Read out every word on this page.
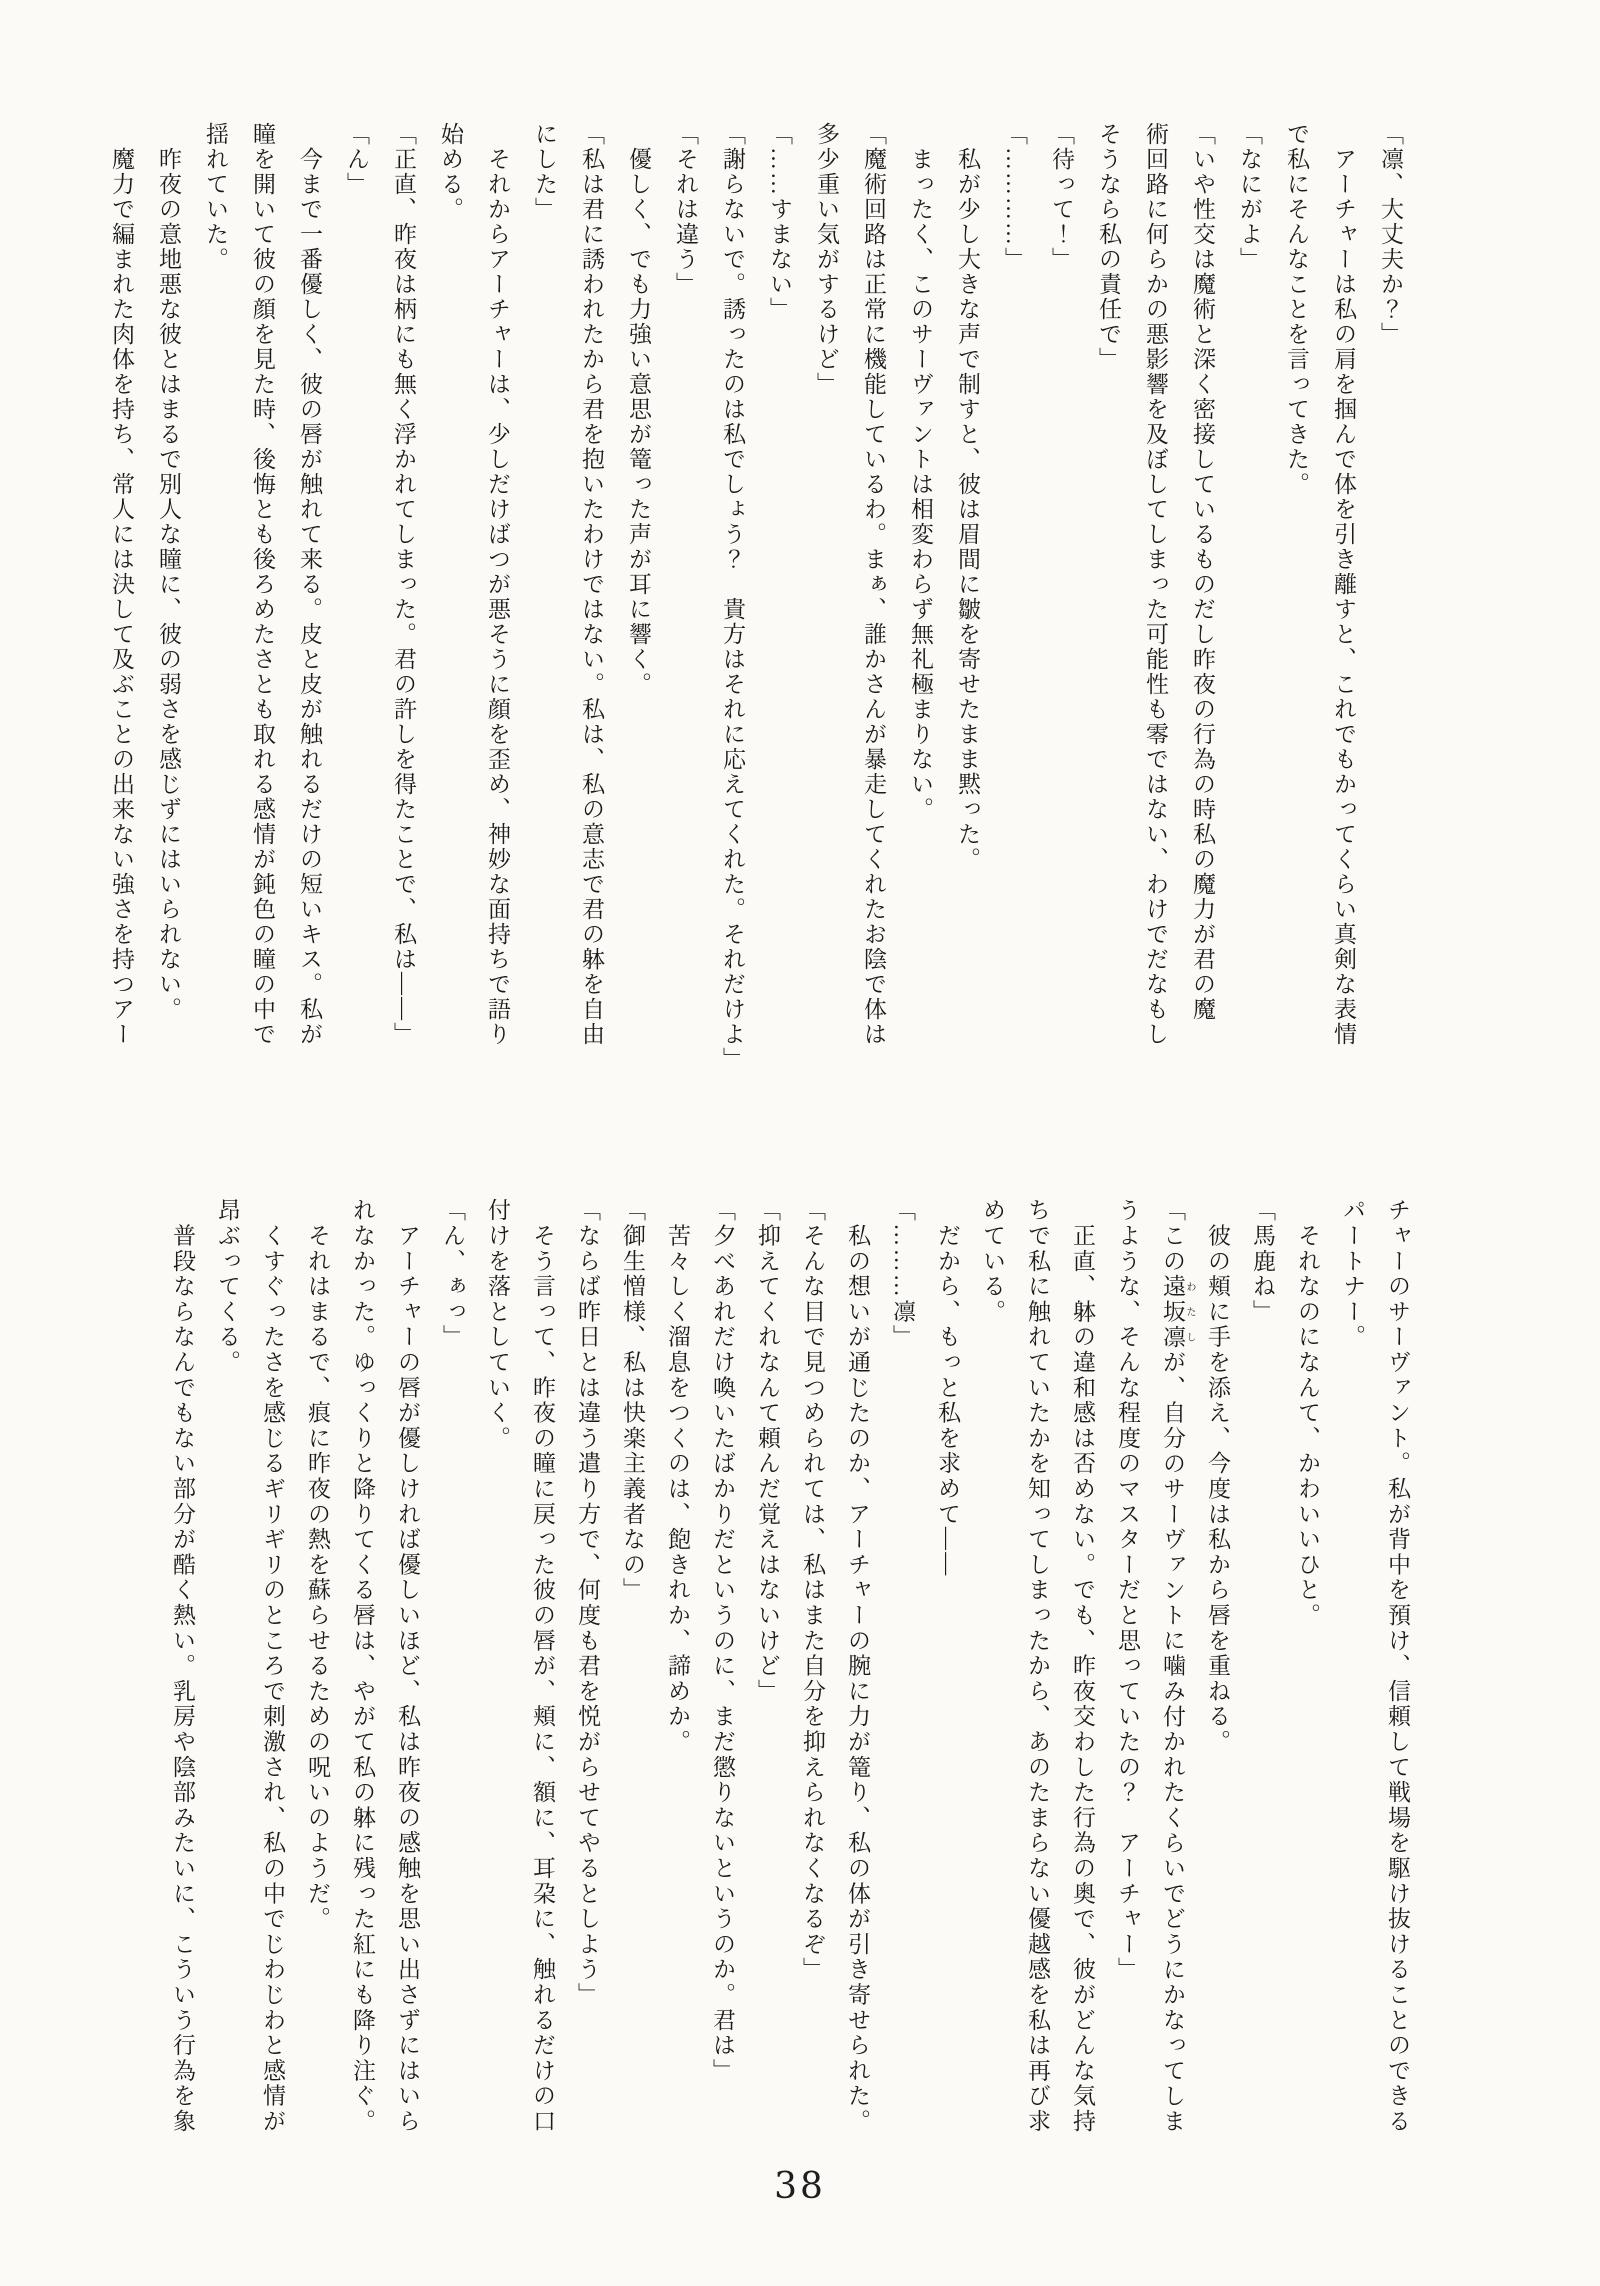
「凛、大丈夫か？」

　アーチャーは私の肩を掴んで体を引き離すと、これでもかってくらい真剣な表情

で私にそんなことを言ってきた。

「なにがよ」

「いや性交は魔術と深く密接しているものだし昨夜の行為の時私の魔力が君の魔

術回路に何らかの悪影響を及ぼしてしまった可能性も零ではない、わけでだなもし

そうなら私の責任で」

「待って！」

「…………」

　私が少し大きな声で制すと、彼は眉間に皺を寄せたまま黙った。

　まったく、このサーヴァントは相変わらず無礼極まりない。

「魔術回路は正常に機能しているわ。まぁ、誰かさんが暴走してくれたお陰で体は

多少重い気がするけど」

「……すまない」

「謝らないで。誘ったのは私でしょう？　貴方はそれに応えてくれた。それだけよ」

「それは違う」

　優しく、でも力強い意思が篭った声が耳に響く。

「私は君に誘われたから君を抱いたわけではない。私は、私の意志で君の躰を自由

にした」

　それからアーチャーは、少しだけばつが悪そうに顔を歪め、神妙な面持ちで語り

始める。

「正直、昨夜は柄にも無く浮かれてしまった。君の許しを得たことで、私は――」

「ん」

　今まで一番優しく、彼の唇が触れて来る。皮と皮が触れるだけの短いキス。私が

瞳を開いて彼の顔を見た時、後悔とも後ろめたさとも取れる感情が鈍色の瞳の中で

揺れていた。

　昨夜の意地悪な彼とはまるで別人な瞳に、彼の弱さを感じずにはいられない。

　魔力で編まれた肉体を持ち、常人には決して及ぶことの出来ない強さを持つアー

チャーのサーヴァント。私が背中を預け、信頼して戦場を駆け抜けることのできる

パートナー。

　それなのになんて、かわいいひと。

「馬鹿ね」

　彼の頬に手を添え、今度は私から唇を重ねる。

「この遠坂凛 わたしが、自分のサーヴァントに噛み付かれたくらいでどうにかなってしま

うような、そんな程度のマスターだと思っていたの？　アーチャー」

　正直、躰の違和感は否めない。でも、昨夜交わした行為の奥で、彼がどんな気持

ちで私に触れていたかを知ってしまったから、あのたまらない優越感を私は再び求

めている。

　だから、もっと私を求めて――

「………凛」

　私の想いが通じたのか、アーチャーの腕に力が篭り、私の体が引き寄せられた。

「そんな目で見つめられては、私はまた自分を抑えられなくなるぞ」

「抑えてくれなんて頼んだ覚えはないけど」

「夕べあれだけ喚いたばかりだというのに、まだ懲りないというのか。君は」

　苦々しく溜息をつくのは、飽きれか、諦めか。

「御生憎様、私は快楽主義者なの」

「ならば昨日とは違う遣り方で、何度も君を悦がらせてやるとしよう」

　そう言って、昨夜の瞳に戻った彼の唇が、頬に、額に、耳朶に、触れるだけの口

付けを落としていく。

「ん、ぁっ」

　アーチャーの唇が優しければ優しいほど、私は昨夜の感触を思い出さずにはいら

れなかった。ゆっくりと降りてくる唇は、やがて私の躰に残った紅にも降り注ぐ。

　それはまるで、痕に昨夜の熱を蘇らせるための呪いのようだ。

　くすぐったさを感じるギリギリのところで刺激され、私の中でじわじわと感情が

昂ぶってくる。

　普段ならなんでもない部分が酷く熱い。乳房や陰部みたいに、こういう行為を象

38
